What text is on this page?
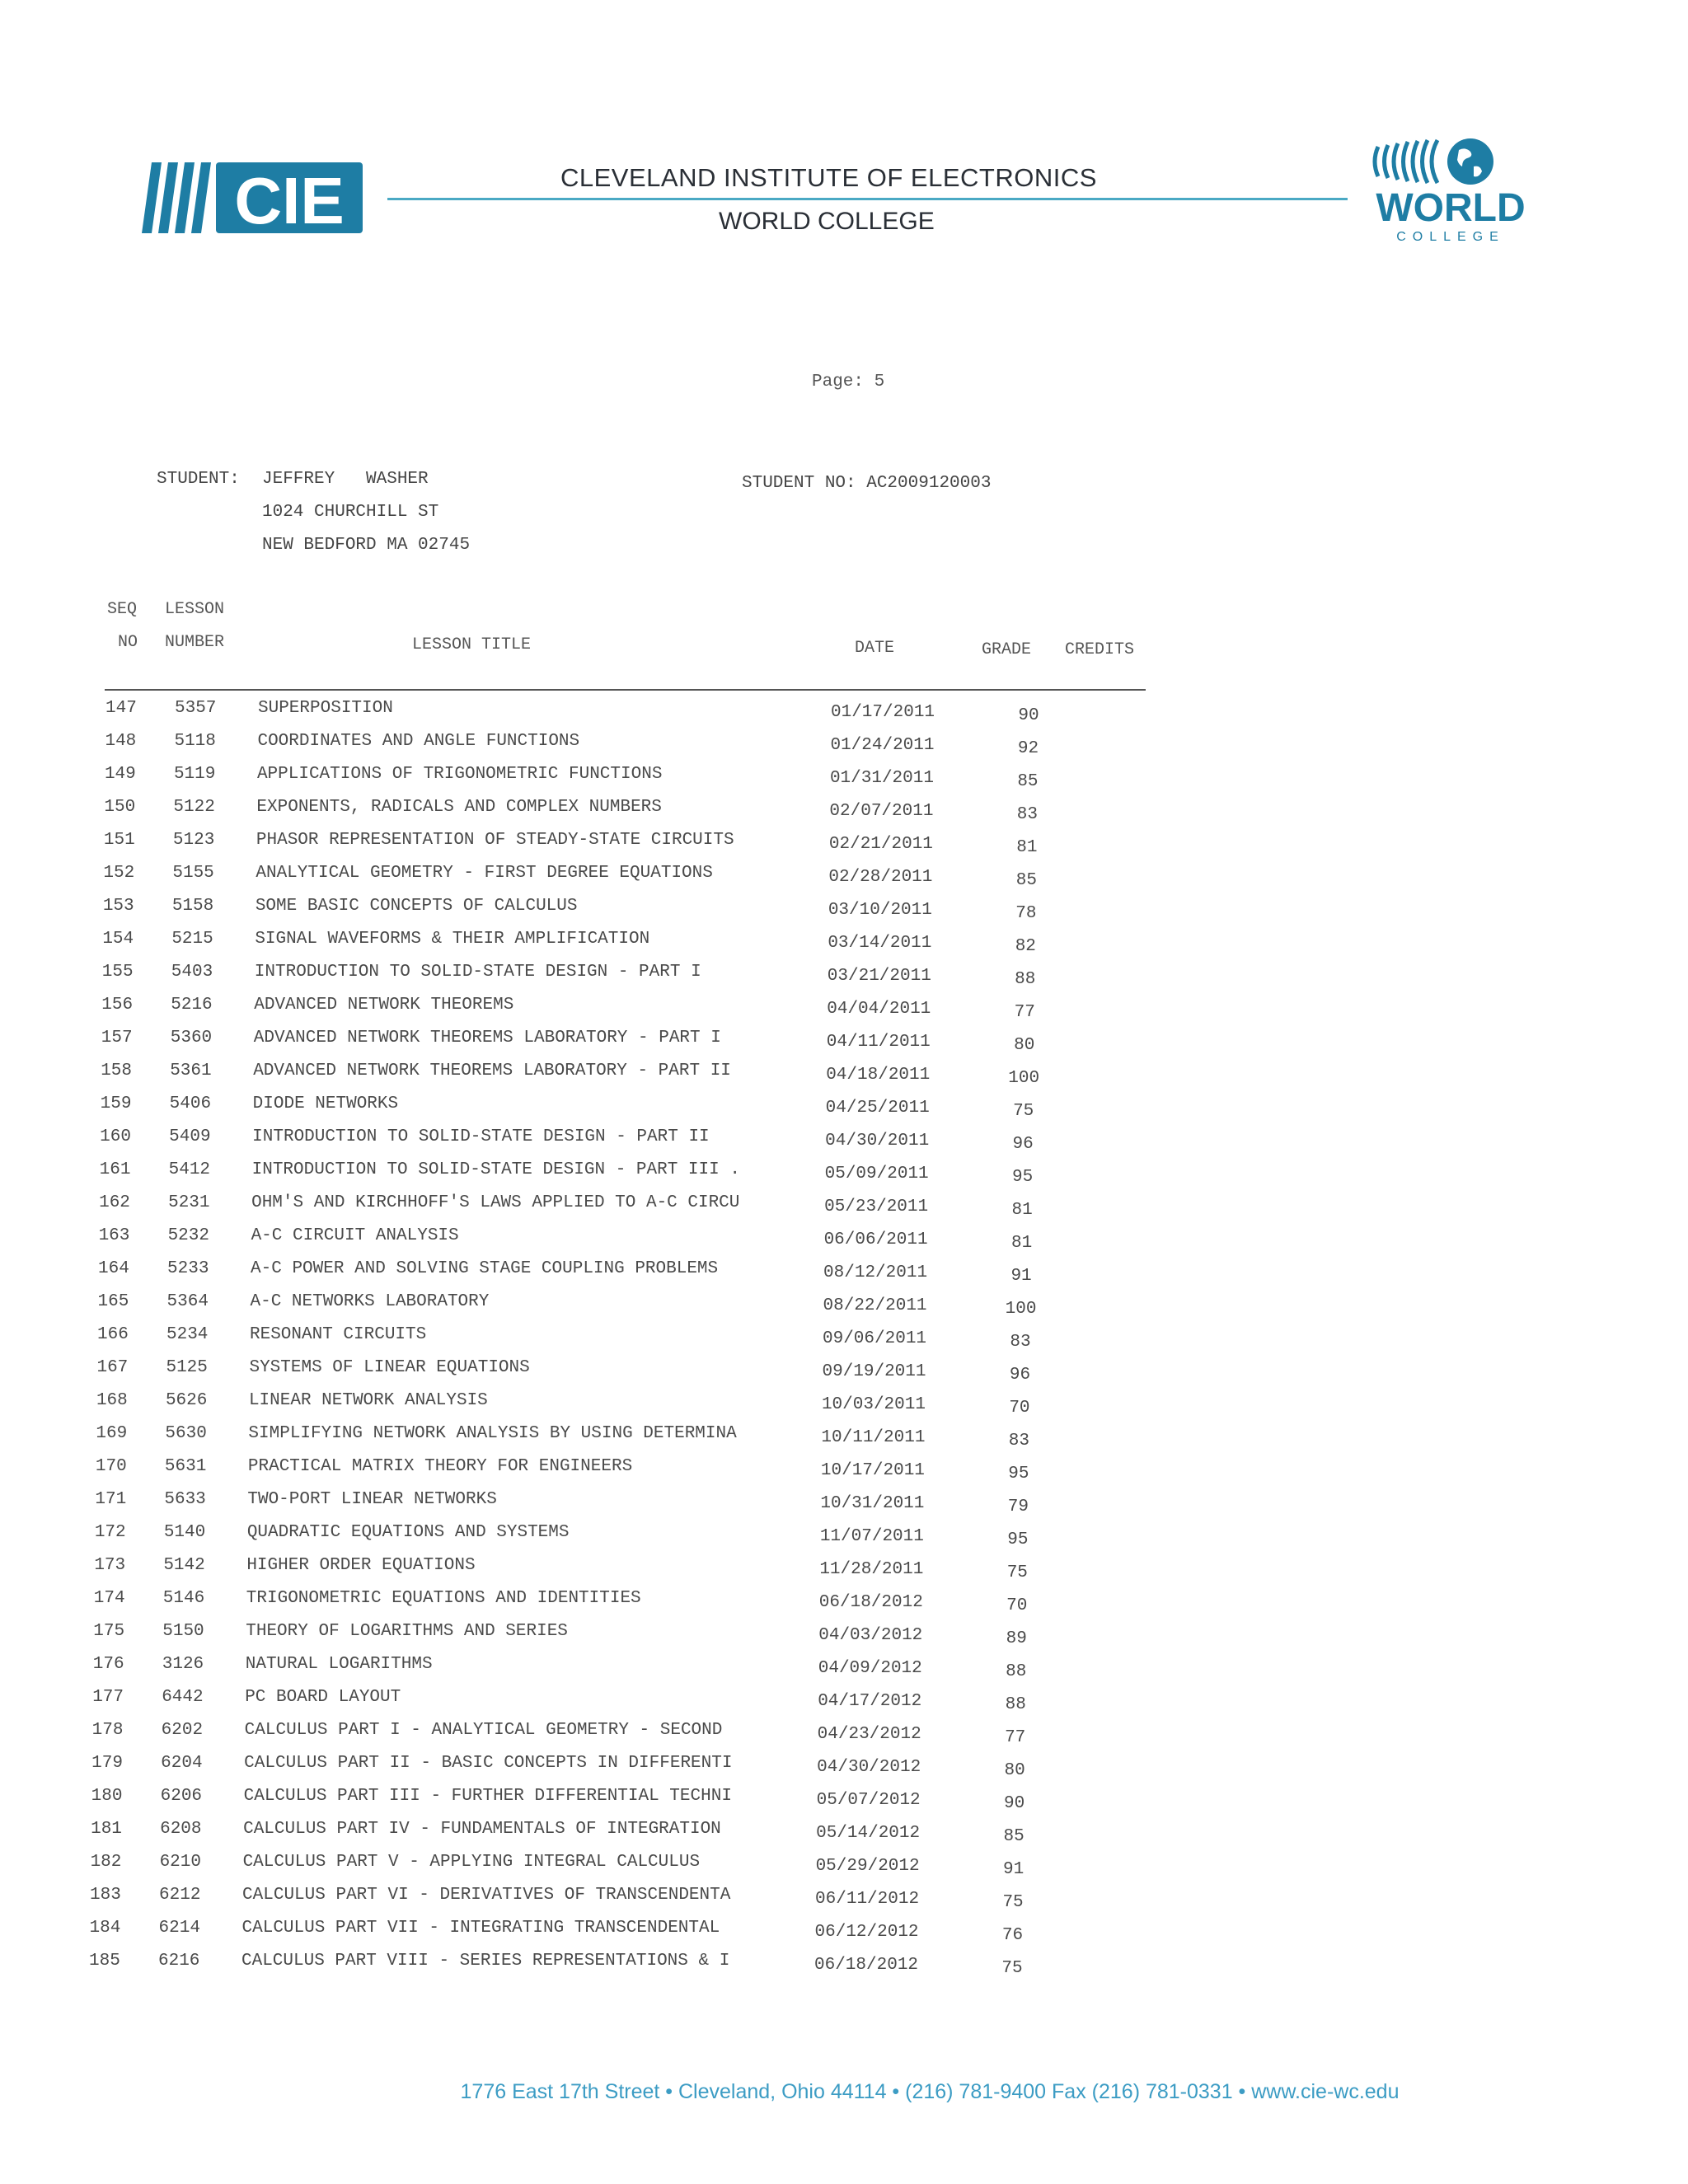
CIE	CLEVELAND INSTITUTE OF ELECTRONICS
WORLD COLLEGE	WORLD
COLLEGE
Page: 5
STUDENT: JEFFREY   WASHER
1024 CHURCHILL ST
NEW BEDFORD MA 02745
STUDENT NO: AC2009120003
SEQ LESSON
NO NUMBER	LESSON TITLE	DATE	GRADE CREDITS
147 5357 SUPERPOSITION	01/17/2011	90
148 5118 COORDINATES AND ANGLE FUNCTIONS	01/24/2011	92
149 5119 APPLICATIONS OF TRIGONOMETRIC FUNCTIONS	01/31/2011	85
150 5122 EXPONENTS, RADICALS AND COMPLEX NUMBERS	02/07/2011	83
151 5123 PHASOR REPRESENTATION OF STEADY-STATE CIRCUITS	02/21/2011	81
152 5155 ANALYTICAL GEOMETRY - FIRST DEGREE EQUATIONS	02/28/2011	85
153 5158 SOME BASIC CONCEPTS OF CALCULUS	03/10/2011	78
154 5215 SIGNAL WAVEFORMS & THEIR AMPLIFICATION	03/14/2011	82
155 5403 INTRODUCTION TO SOLID-STATE DESIGN - PART I	03/21/2011	88
156 5216 ADVANCED NETWORK THEOREMS	04/04/2011	77
157 5360 ADVANCED NETWORK THEOREMS LABORATORY - PART I	04/11/2011	80
158 5361 ADVANCED NETWORK THEOREMS LABORATORY - PART II	04/18/2011	100
159 5406 DIODE NETWORKS	04/25/2011	75
160 5409 INTRODUCTION TO SOLID-STATE DESIGN - PART II	04/30/2011	96
161 5412 INTRODUCTION TO SOLID-STATE DESIGN - PART III .	05/09/2011	95
162 5231 OHM'S AND KIRCHHOFF'S LAWS APPLIED TO A-C CIRCU	05/23/2011	81
163 5232 A-C CIRCUIT ANALYSIS	06/06/2011	81
164 5233 A-C POWER AND SOLVING STAGE COUPLING PROBLEMS	08/12/2011	91
165 5364 A-C NETWORKS LABORATORY	08/22/2011	100
166 5234 RESONANT CIRCUITS	09/06/2011	83
167 5125 SYSTEMS OF LINEAR EQUATIONS	09/19/2011	96
168 5626 LINEAR NETWORK ANALYSIS	10/03/2011	70
169 5630 SIMPLIFYING NETWORK ANALYSIS BY USING DETERMINA	10/11/2011	83
170 5631 PRACTICAL MATRIX THEORY FOR ENGINEERS	10/17/2011	95
171 5633 TWO-PORT LINEAR NETWORKS	10/31/2011	79
172 5140 QUADRATIC EQUATIONS AND SYSTEMS	11/07/2011	95
173 5142 HIGHER ORDER EQUATIONS	11/28/2011	75
174 5146 TRIGONOMETRIC EQUATIONS AND IDENTITIES	06/18/2012	70
175 5150 THEORY OF LOGARITHMS AND SERIES	04/03/2012	89
176 3126 NATURAL LOGARITHMS	04/09/2012	88
177 6442 PC BOARD LAYOUT	04/17/2012	88
178 6202 CALCULUS PART I - ANALYTICAL GEOMETRY - SECOND	04/23/2012	77
179 6204 CALCULUS PART II - BASIC CONCEPTS IN DIFFERENTI	04/30/2012	80
180 6206 CALCULUS PART III - FURTHER DIFFERENTIAL TECHNI	05/07/2012	90
181 6208 CALCULUS PART IV - FUNDAMENTALS OF INTEGRATION	05/14/2012	85
182 6210 CALCULUS PART V - APPLYING INTEGRAL CALCULUS	05/29/2012	91
183 6212 CALCULUS PART VI - DERIVATIVES OF TRANSCENDENTA	06/11/2012	75
184 6214 CALCULUS PART VII - INTEGRATING TRANSCENDENTAL	06/12/2012	76
185 6216 CALCULUS PART VIII - SERIES REPRESENTATIONS & I	06/18/2012	75
1776 East 17th Street • Cleveland, Ohio 44114 • (216) 781-9400 Fax (216) 781-0331 • www.cie-wc.edu
